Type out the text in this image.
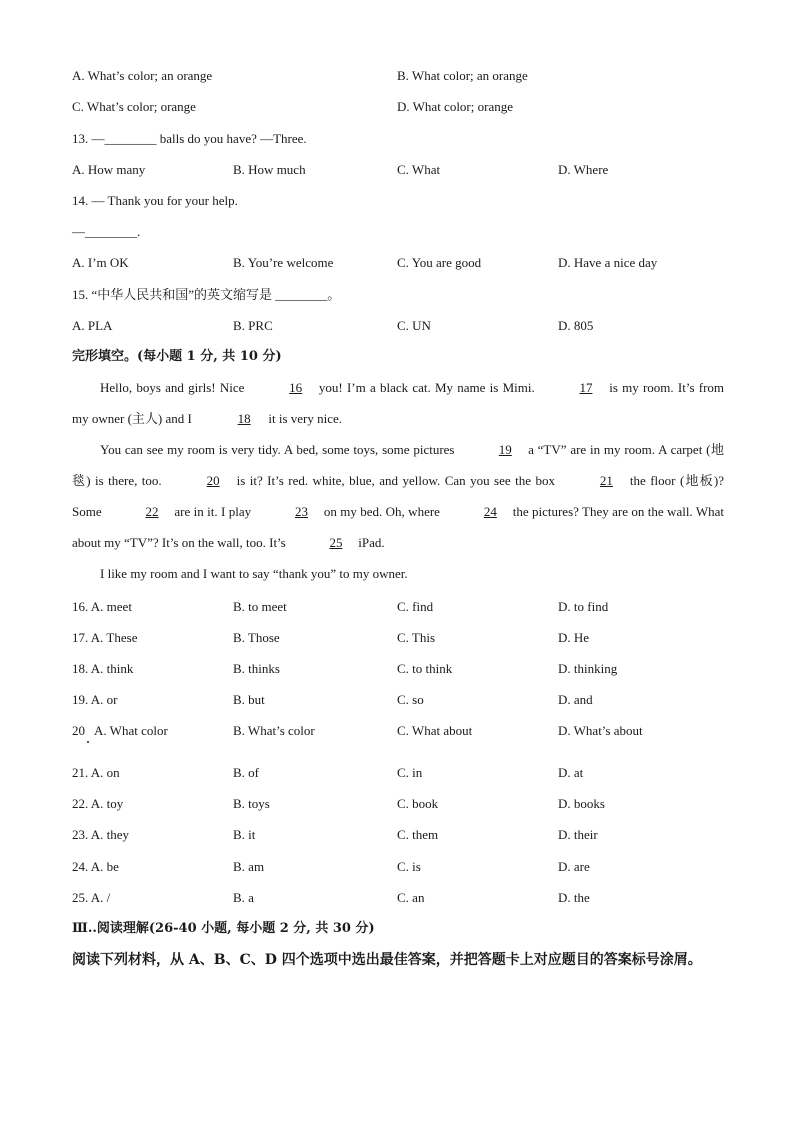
A. What’s color; an orange	B. What color; an orange
C. What’s color; orange	D. What color; orange
13. —________ balls do you have? —Three.
A. How many	B. How much	C. What	D. Where
14. — Thank you for your help.
—________.
A. I’m OK	B. You’re welcome	C. You are good	D. Have a nice day
15. “中华人民共和国”的英文缩写是 ________。
A. PLA	B. PRC	C. UN	D. 805
完形填空。(每小题 1 分, 共 10 分)

Hello, boys and girls! Nice	16 you! I’m a black cat. My name is Mimi.	17 is my room. It’s from my owner (主人) and I	18 it is very nice.

You can see my room is very tidy. A bed, some toys, some pictures	19 a “TV” are in my room. A carpet (地毯) is there, too.	20 is it? It’s red. white, blue, and yellow. Can you see the box	21 the floor (地板)? Some	22 are in it. I play	23 on my bed. Oh, where	24 the pictures? They are on the wall. What about my “TV”? It’s on the wall, too. It’s	25 iPad.

I like my room and I want to say “thank you” to my owner.

16. A. meet	B. to meet	C. find	D. to find
17. A. These	B. Those	C. This	D. He
18. A. think	B. thinks	C. to think	D. thinking
19. A. or	B. but	C. so	D. and
20   A. What color	B. What’s color	C. What about	D. What’s about
21. A. on	B. of	C. in	D. at
22. A. toy	B. toys	C. book	D. books
23. A. they	B. it	C. them	D. their
24. A. be	B. am	C. is	D. are
25. A. /	B. a	C. an	D. the
Ⅲ..阅读理解(26-40 小题, 每小题 2 分, 共 30 分)
阅读下列材料，从 A、B、C、D 四个选项中选出最佳答案，并把答题卡上对应题目的答案标号涂屑。
